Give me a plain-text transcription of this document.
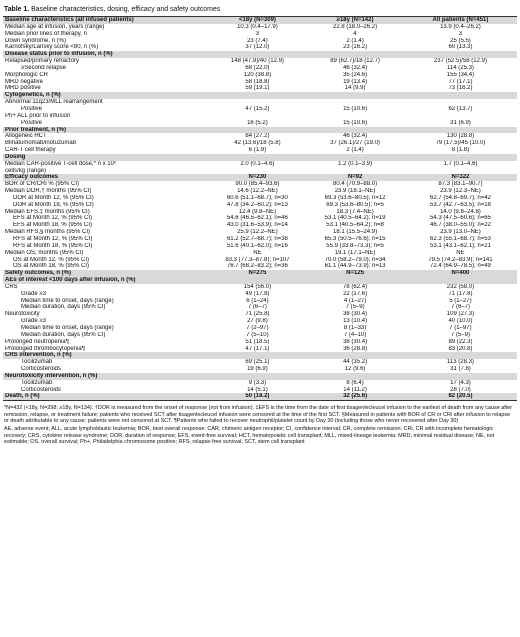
Table 1. Baseline characteristics, dosing, efficacy and safety outcomes
Baseline characteristics (all infused patients)	<18y (N=309)	≥18y (N=142)	All patients (N=451)
Median age at infusion, years (range)	10.3 (0.4–17.9)	22.8 (18.0–26.2)	13.9 (0.4–26.2)
Median prior lines of therapy, n	3	4	3
Down syndrome, n (%)	23 (7.4)	2 (1.4)	25 (5.5)
Karnofsky/Lansky score <80, n (%)	37 (12.0)	23 (16.2)	60 (13.3)
Disease status prior to infusion, n (%)			
Relapsed/primary refractory	148 (47.9)/40 (12.9)	89 (62.7)/18 (12.7)	237 (52.5)/58 (12.9)
≥Second relapse	68 (22.0)	46 (32.4)	114 (25.3)
Morphologic CR	120 (38.8)	35 (24.6)	155 (34.4)
MRD negative	58 (18.8)	19 (13.4)	77 (17.1)
MRD positive	59 (19.1)	14 (9.9)	73 (16.2)
Cytogenetics, n (%)			
Abnormal 11q23/MLL rearrangement			
Positive	47 (15.2)	15 (10.6)	62 (13.7)
Ph+ ALL prior to infusion			
Positive	16 (5.2)	15 (10.6)	31 (6.9)
Prior treatment, n (%)			
Allogeneic HCT	84 (27.2)	46 (32.4)	130 (28.8)
Blinatumomab/inotuzumab	42 (13.6)/18 (5.8)	37 (26.1)/27 (19.0)	79 (17.5)/45 (10.0)
CAR-T cell therapy	6 (1.9)	2 (1.4)	8 (1.8)
Dosing			
Median CAR-positive T-cell dose,* n x 10⁶	2.0 (0.1–4.6)	1.2 (0.1–3.9)	1.7 (0.1–4.6)
cells/kg (range)			
Efficacy outcomes	N=230	N=92	N=322
BOR of CR/CRi % (95% CI)	90.0 (85.4–93.6)	80.4 (70.9–88.0)	87.3 (83.1–90.7)
Median DOR,† months (95% CI)	14.6 (12.2–NE)	23.9 (18.1–NE)	23.9 (12.3–NE)
DOR at Month 12, % (95% CI)	60.6 (51.1–68.7); n=30	69.3 (53.6–80.5); n=12	62.7 (54.8–69.7); n=42
DOR at Month 18, % (95% CI)	47.8 (34.2–60.2); n=13	69.3 (53.6–80.5); n=5	53.7 (42.7–63.5); n=18
Median EFS,‡ months (95% CI)	12.4 (9.8–NE)	18.3 (7.4–NE)	14.0 (9.8–24.8)
EFS at Month 12, % (95% CI)	54.6 (46.5–62.1); n=46	53.1 (40.5–64.2); n=19	54.3 (47.5–60.6); n=65
EFS at Month 18, % (95% CI)	43.0 (31.6–53.9); n=14	53.1 (40.5–64.2); n=8	46.7 (38.0–55.0); n=22
Median RFS,§ months (95% CI)	25.9 (12.2–NE)	18.1 (15.5–24.9)	23.9 (13.0–NE)
RFS at Month 12, % (95% CI)	61.2 (52.7–68.7); n=38	65.3 (50.5–76.6); n=15	62.3 (55.1–68.7); n=53
RFS at Month 18, % (95% CI)	51.6 (40.1–62.0); n=16	55.9 (33.8–73.3); n=5	53.1 (43.1–62.1); n=21
Median OS, months (95% CI)	NE	19.1 (17.1–NE)	NE
OS at Month 12, % (95% CI)	83.3 (77.3–87.8); n=107	70.0 (58.2–79.0); n=34	79.5 (74.2–83.9); n=141
OS at Month 18, % (95% CI)	76.7 (68.2–83.2); n=36	61.1 (44.9–73.9); n=13	72.4 (64.9–78.5); n=49
Safety outcomes, n (%)	N=275	N=125	N=400
AEs of interest <100 days after infusion, n (%)			
CRS	154 (56.0)	78 (62.4)	232 (58.0)
Grade ≥3	49 (17.8)	22 (17.6)	71 (17.8)
Median time to onset, days (range)	6 (1–24)	4 (1–27)	5 (1–27)
Median duration, days (95% CI)	7 (6–7)	7 (5–9)	7 (6–7)
Neurotoxicity	71 (25.8)	38 (30.4)	109 (27.3)
Grade ≥3	27 (9.8)	13 (10.4)	40 (10.0)
Median time to onset, days (range)	7 (2–97)	8 (1–33)	7 (1–97)
Median duration, days (95% CI)	7 (5–10)	7 (4–10)	7 (5–9)
Prolonged neutropenia¶	51 (18.5)	38 (30.4)	89 (22.3)
Prolonged thrombocytopenia¶	47 (17.1)	36 (28.8)	83 (20.8)
CRS intervention, n (%)			
Tocilizumab	69 (25.1)	44 (35.2)	113 (28.3)
Corticosteroids	19 (6.9)	12 (9.6)	31 (7.8)
Neurotoxicity intervention, n (%)			
Tocilizumab	9 (3.3)	8 (6.4)	17 (4.3)
Corticosteroids	14 (5.1)	14 (11.2)	28 (7.0)
Death, n (%)	50 (18.2)	32 (25.6)	82 (20.5)

*N=432 (<18y, N=298; ≥18y, N=134). †DOR is measured from the onset of response (not from infusion). ‡EFS is the time from the date of first tisagenlecleucel infusion to the earliest of death from any cause after remission, relapse, or treatment failure; patients who received SCT after tisagenlecleucel infusion were censored at the time of the first SCT. §Measured in patients with BOR of CR or CRi after infusion to relapse or death attributable to any cause; patients were not censored at SCT. ¶Patients who failed to recover neutrophil/platelet count by Day 30 (including those who never recovered after Day 30)

AE, adverse event; ALL, acute lymphoblastic leukemia; BOR, best overall response; CAR, chimeric antigen receptor; CI, confidence interval; CR, complete remission; CRi, CR with incomplete hematologic recovery; CRS, cytokine release syndrome; DOR, duration of response; EFS, event-free survival; HCT, hematopoietic cell transplant; MLL, mixed-lineage leukemia; MRD, minimal residual disease; NE, not estimable; OS, overall survival; Ph+, Philadelphia chromosome positive; RFS, relapse-free survival; SCT, stem cell transplant
